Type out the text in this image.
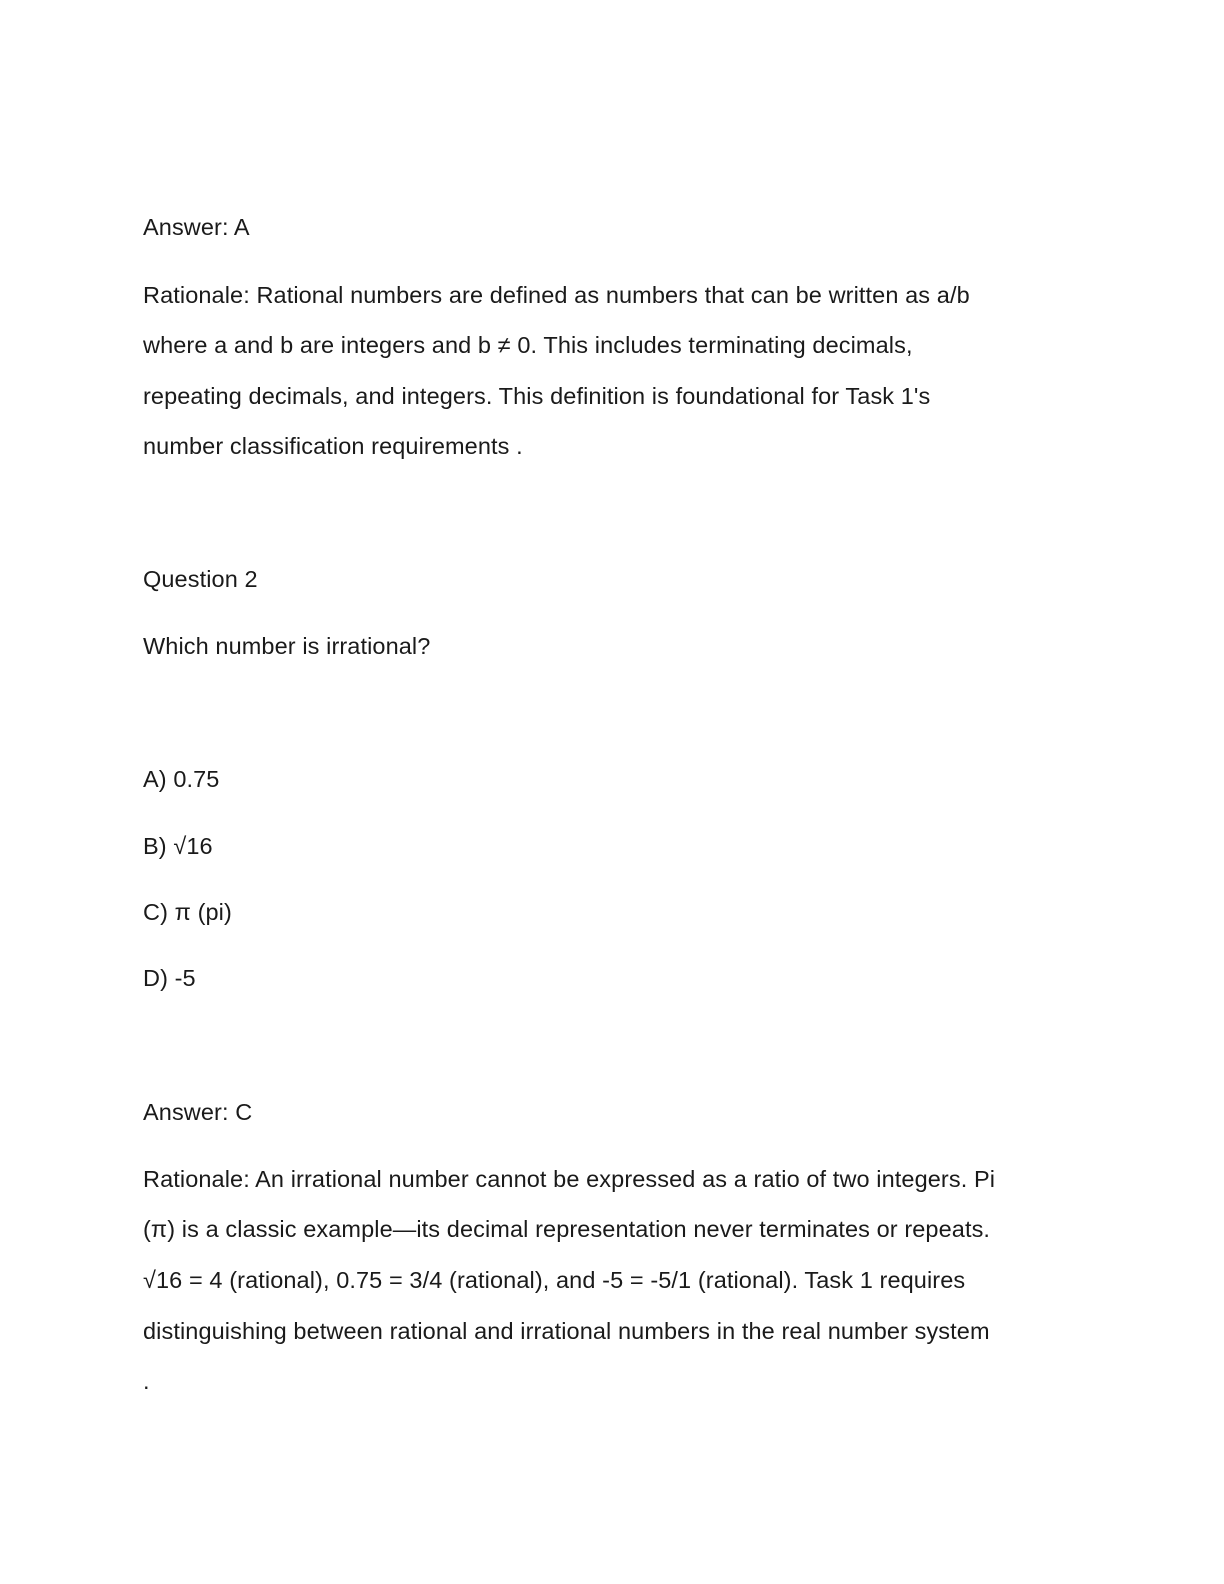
Answer: A
Rationale: Rational numbers are defined as numbers that can be written as a/b
where a and b are integers and b ≠ 0. This includes terminating decimals,
repeating decimals, and integers. This definition is foundational for Task 1's
number classification requirements .
Question 2
Which number is irrational?
A) 0.75
B) √16
C) π (pi)
D) -5
Answer: C
Rationale: An irrational number cannot be expressed as a ratio of two integers. Pi
(π) is a classic example—its decimal representation never terminates or repeats.
√16 = 4 (rational), 0.75 = 3/4 (rational), and -5 = -5/1 (rational). Task 1 requires
distinguishing between rational and irrational numbers in the real number system
.
